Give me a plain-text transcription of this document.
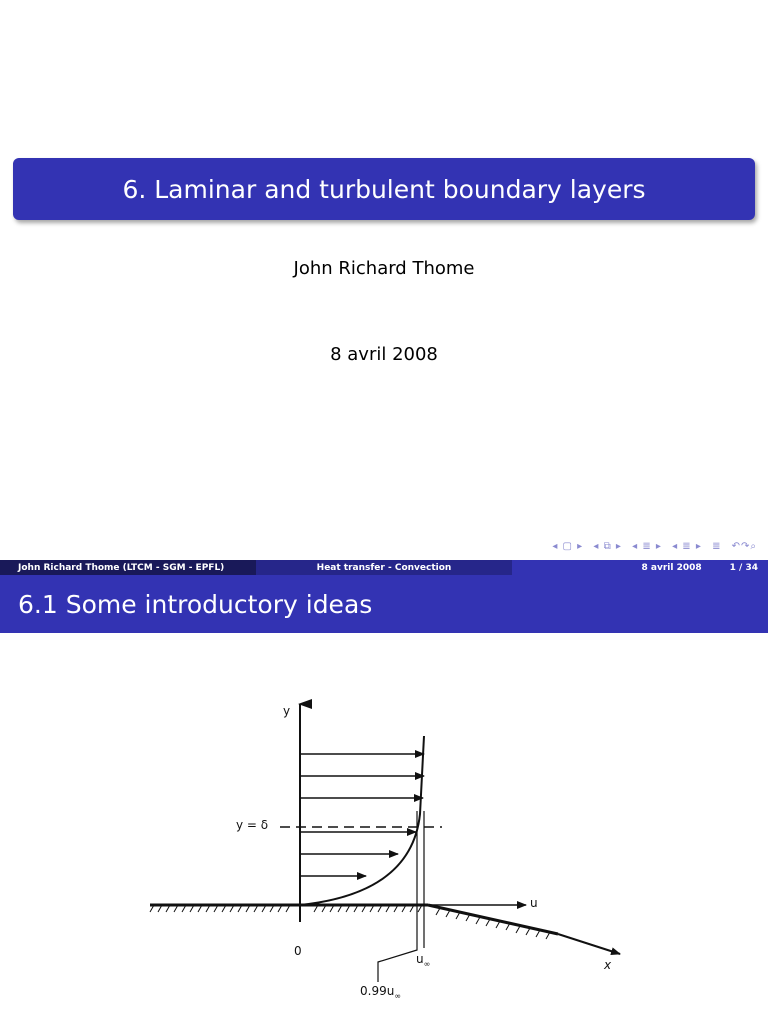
6. Laminar and turbulent boundary layers
John Richard Thome
8 avril 2008
◂ ▢ ▸ ◂ ⧉ ▸ ◂ ≣ ▸ ◂ ≣ ▸ ≣ ↶↷⌕
John Richard Thome (LTCM - SGM - EPFL)	Heat transfer - Convection	8 avril 2008	1 / 34
6.1 Some introductory ideas
y
y = δ
u
0
$u_\infty$	x
$0.99u_\infty$
